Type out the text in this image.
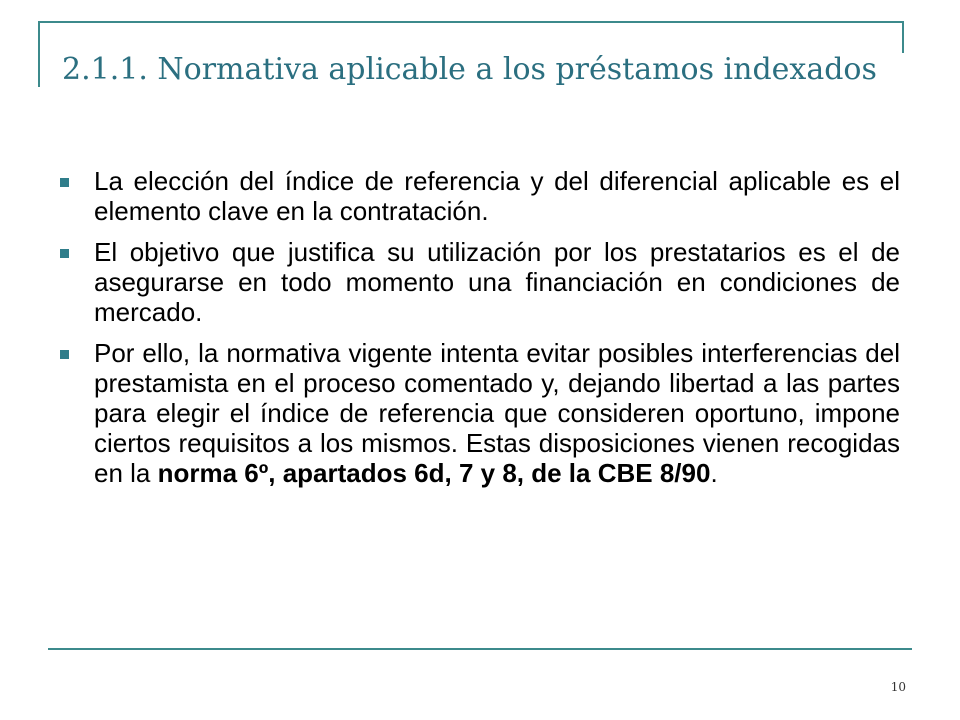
2.1.1. Normativa aplicable a los préstamos indexados
La elección del índice de referencia y del diferencial aplicable es el elemento clave en la contratación.
El objetivo que justifica su utilización por los prestatarios es el de asegurarse en todo momento una financiación en condiciones de mercado.
Por ello, la normativa vigente intenta evitar posibles interferencias del prestamista en el proceso comentado y, dejando libertad a las partes para elegir el índice de referencia que consideren oportuno, impone ciertos requisitos a los mismos. Estas disposiciones vienen recogidas en la norma 6º, apartados 6d, 7 y 8, de la CBE 8/90.
10
